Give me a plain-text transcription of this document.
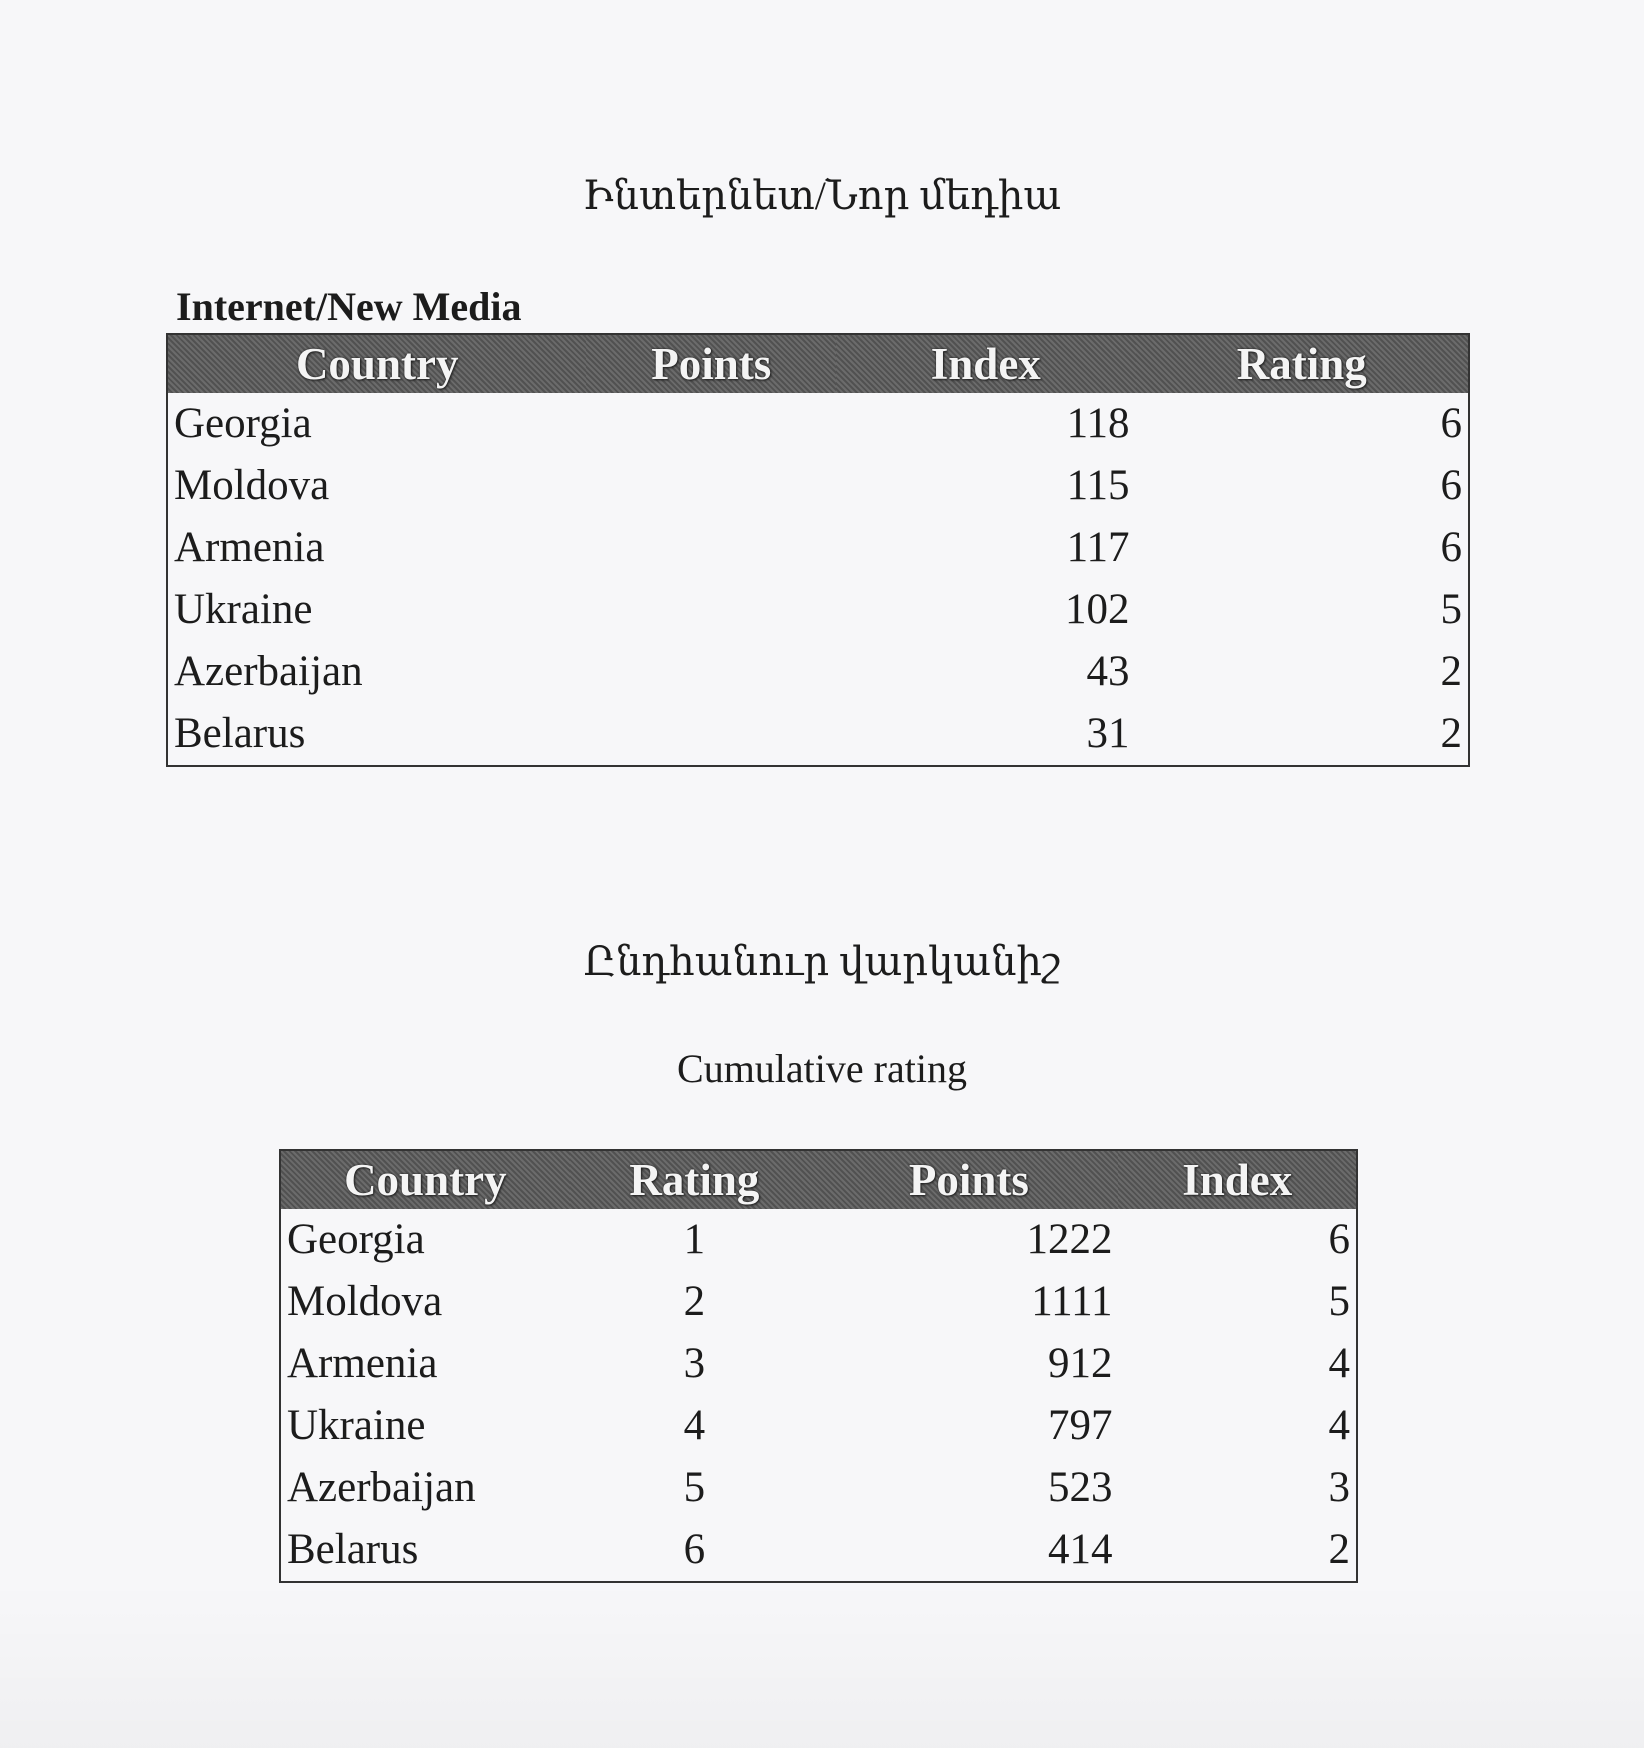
Ինտերնետ/Նոր մեդիա
Internet/New Media
Country	Points	Index	Rating
Georgia		118	6
Moldova		115	6
Armenia		117	6
Ukraine		102	5
Azerbaijan		43	2
Belarus		31	2
Ընդհանուր վարկանիշ
Cumulative rating
Country	Rating	Points	Index
Georgia	1	1222	6
Moldova	2	1111	5
Armenia	3	912	4
Ukraine	4	797	4
Azerbaijan	5	523	3
Belarus	6	414	2
